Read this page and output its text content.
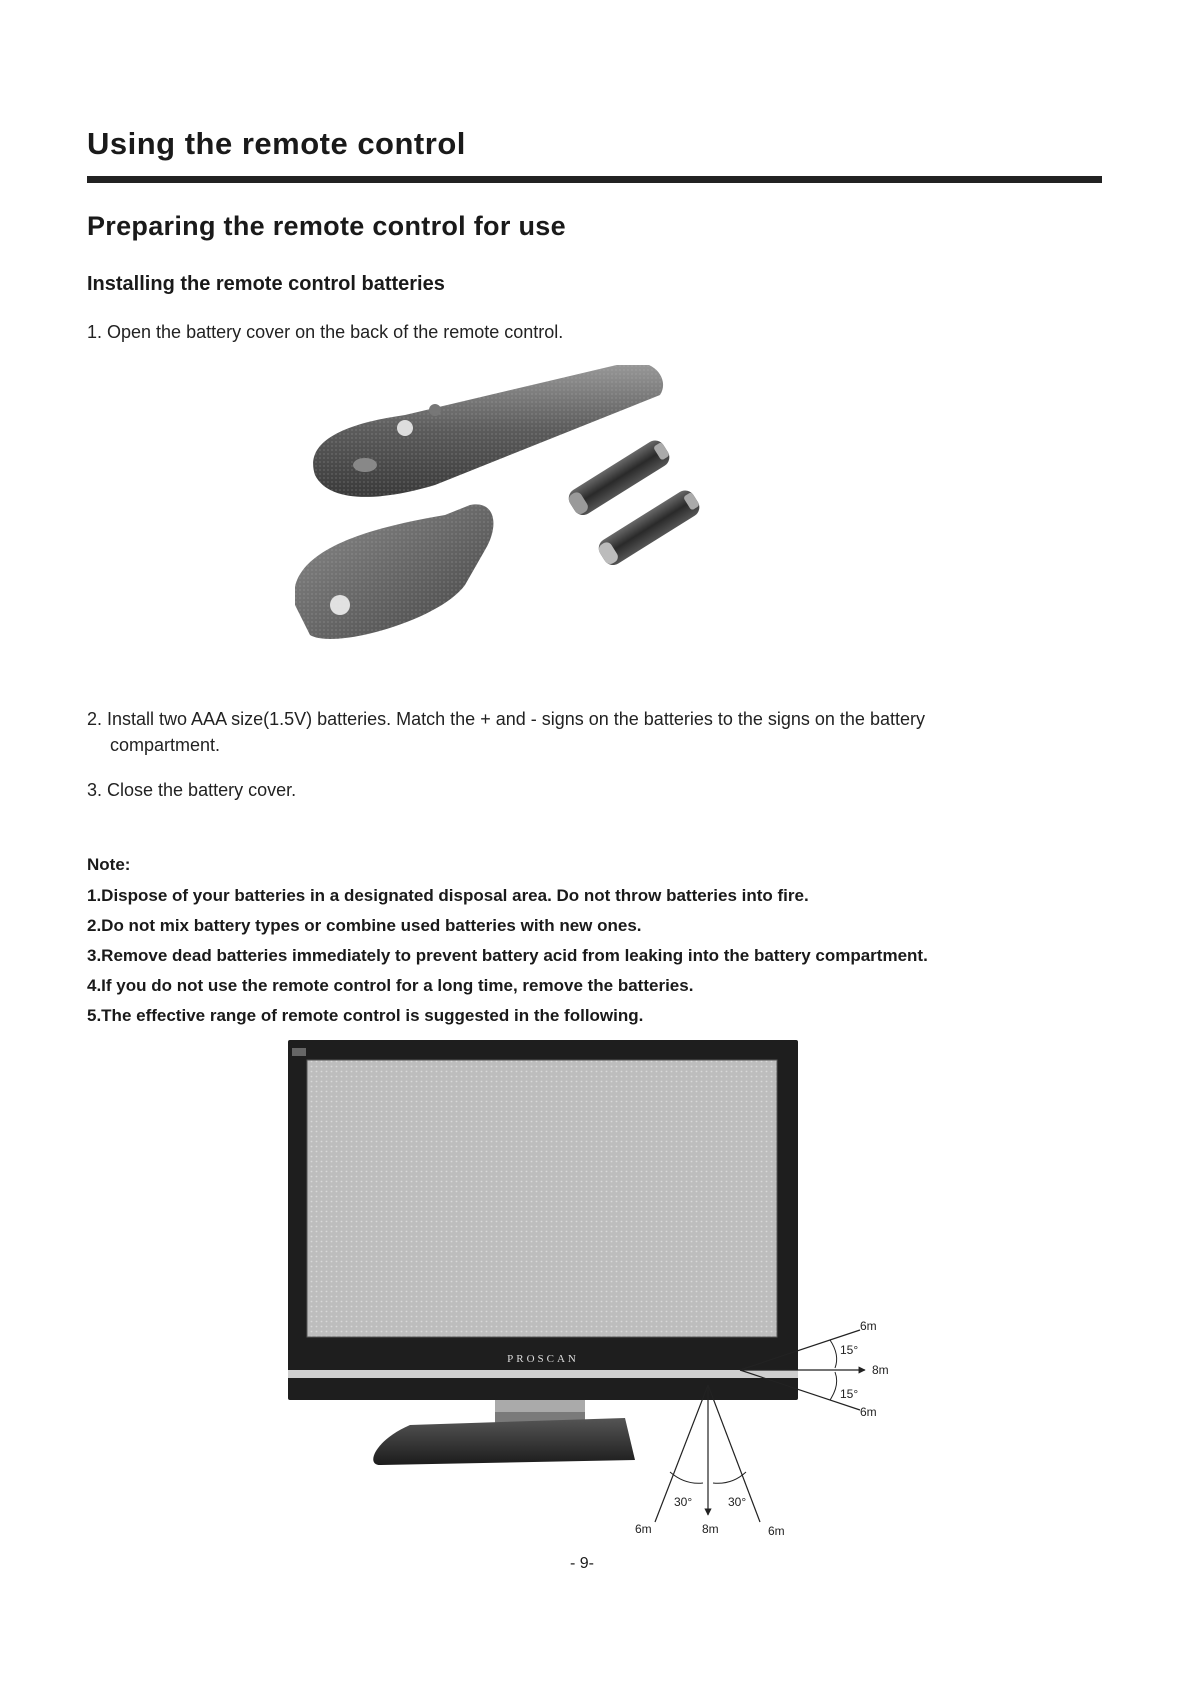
Using the remote control
Preparing the remote control for use
Installing the remote control batteries

1. Open the battery cover on the back of the remote control.

2. Install two AAA size(1.5V) batteries. Match the + and - signs on the batteries to the signs on the battery
compartment.

3. Close the battery cover.

Note:

1.Dispose of your batteries in a designated disposal area. Do not throw batteries into fire.

2.Do not mix battery types or combine used batteries with new ones.

3.Remove dead batteries immediately to prevent battery acid from leaking into the battery compartment.

4.If you do not use the remote control for a long time, remove the batteries.

5.The effective range of remote control is suggested in the following.

PROSCAN
6m
15°
8m
15°
6m
30°	30°
6m	8m	6m

- 9-
